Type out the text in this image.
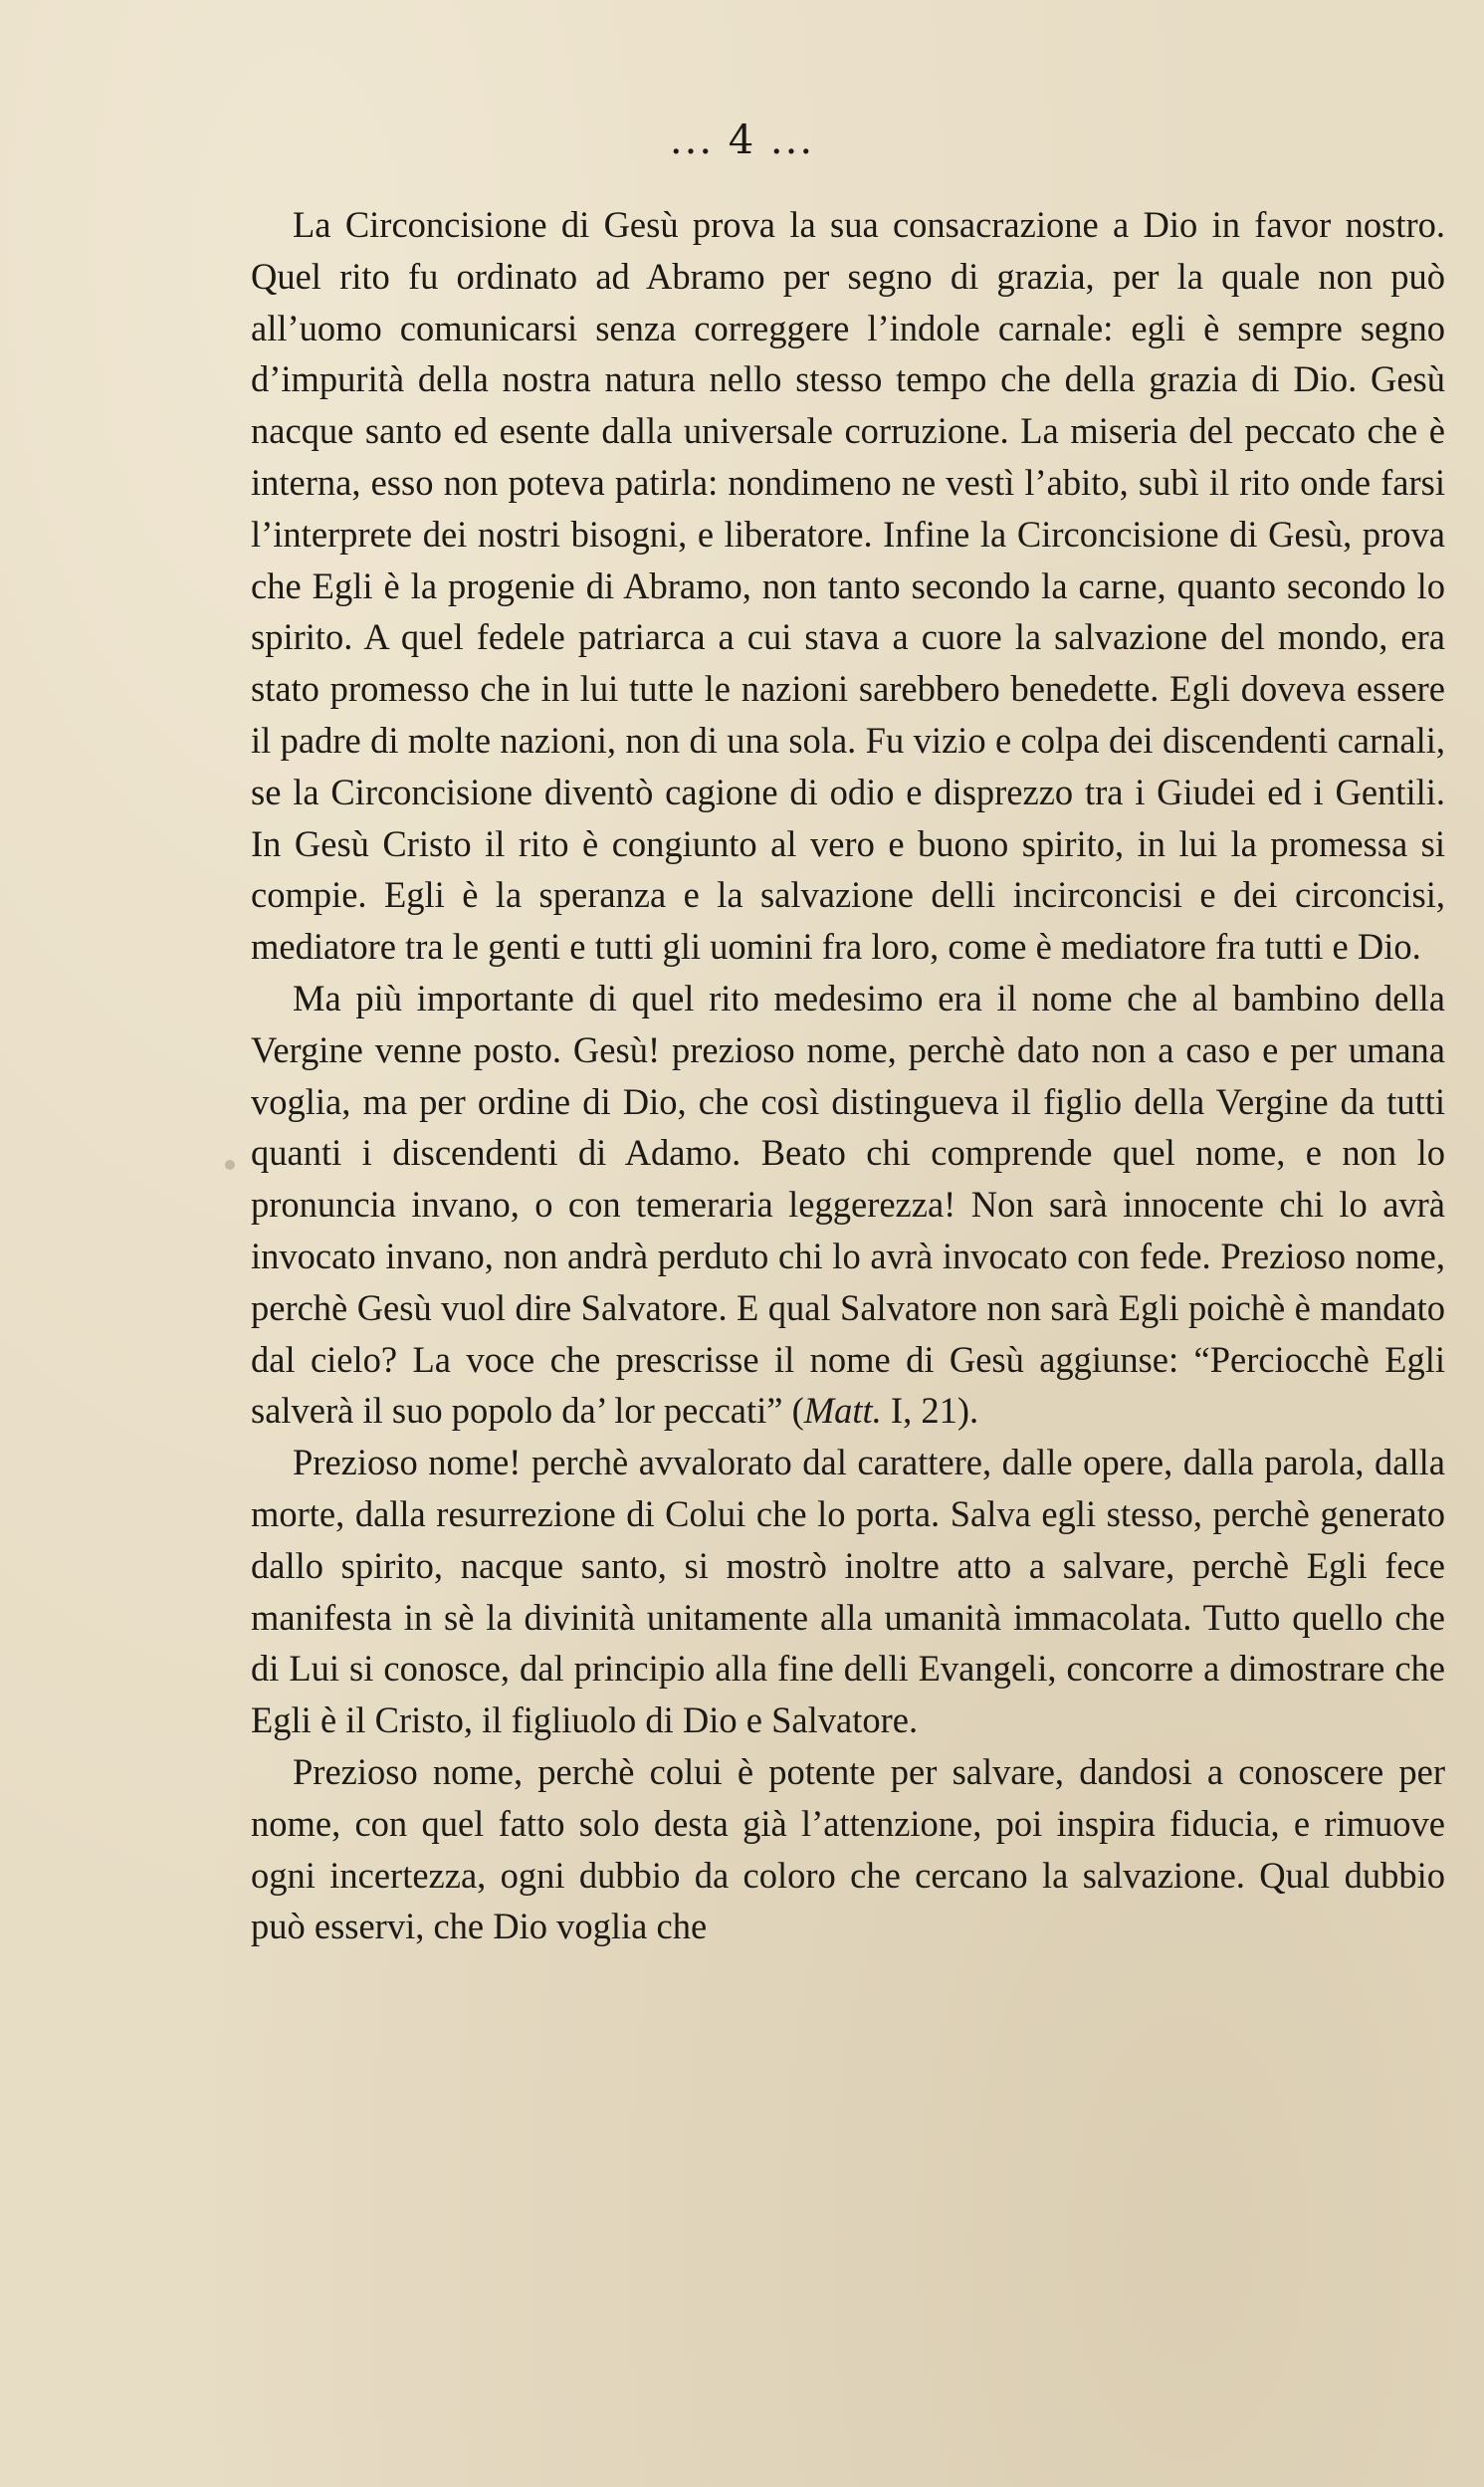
... 4 ...

La Circoncisione di Gesù prova la sua consacrazione a Dio in favor nostro. Quel rito fu ordinato ad Abramo per segno di grazia, per la quale non può all’uomo comunicarsi senza correggere l’indole carnale: egli è sempre segno d’impurità della nostra natura nello stesso tempo che della grazia di Dio. Gesù nacque santo ed esente dalla universale corruzione. La miseria del peccato che è interna, esso non poteva patirla: nondimeno ne vestì l’abito, subì il rito onde farsi l’interprete dei nostri bisogni, e liberatore. Infine la Circoncisione di Gesù, prova che Egli è la progenie di Abramo, non tanto secondo la carne, quanto secondo lo spirito. A quel fedele patriarca a cui stava a cuore la salvazione del mondo, era stato promesso che in lui tutte le nazioni sarebbero benedette. Egli doveva essere il padre di molte nazioni, non di una sola. Fu vizio e colpa dei discendenti carnali, se la Circoncisione diventò cagione di odio e disprezzo tra i Giudei ed i Gentili. In Gesù Cristo il rito è congiunto al vero e buono spirito, in lui la promessa si compie. Egli è la speranza e la salvazione delli incirconcisi e dei circoncisi, mediatore tra le genti e tutti gli uomini fra loro, come è mediatore fra tutti e Dio.

Ma più importante di quel rito medesimo era il nome che al bambino della Vergine venne posto. Gesù! prezioso nome, perchè dato non a caso e per umana voglia, ma per ordine di Dio, che così distingueva il figlio della Vergine da tutti quanti i discendenti di Adamo. Beato chi comprende quel nome, e non lo pronuncia invano, o con temeraria leggerezza! Non sarà innocente chi lo avrà invocato invano, non andrà perduto chi lo avrà invocato con fede. Prezioso nome, perchè Gesù vuol dire Salvatore. E qual Salvatore non sarà Egli poichè è mandato dal cielo? La voce che prescrisse il nome di Gesù aggiunse: “Perciocchè Egli salverà il suo popolo da’ lor peccati” (Matt. I, 21).

Prezioso nome! perchè avvalorato dal carattere, dalle opere, dalla parola, dalla morte, dalla resurrezione di Colui che lo porta. Salva egli stesso, perchè generato dallo spirito, nacque santo, si mostrò inoltre atto a salvare, perchè Egli fece manifesta in sè la divinità unitamente alla umanità immacolata. Tutto quello che di Lui si conosce, dal principio alla fine delli Evangeli, concorre a dimostrare che Egli è il Cristo, il figliuolo di Dio e Salvatore.

Prezioso nome, perchè colui è potente per salvare, dandosi a conoscere per nome, con quel fatto solo desta già l’attenzione, poi inspira fiducia, e rimuove ogni incertezza, ogni dubbio da coloro che cercano la salvazione. Qual dubbio può esservi, che Dio voglia che
